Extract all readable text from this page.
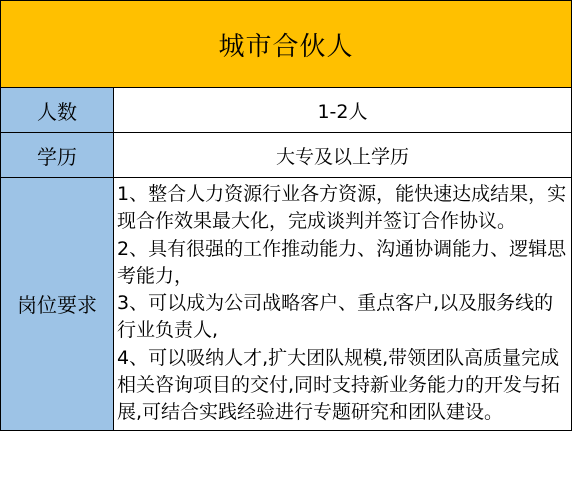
城市合伙人	
人数	1-2人
学历	大专及以上学历
岗位要求	1、整合人力资源行业各方资源，能快速达成结果，实现合作效果最大化，完成谈判并签订合作协议。
2、具有很强的工作推动能力、沟通协调能力、逻辑思考能力，
3、可以成为公司战略客户、重点客户,以及服务线的行业负责人,
4、可以吸纳人才,扩大团队规模,带领团队高质量完成相关咨询项目的交付,同时支持新业务能力的开发与拓展,可结合实践经验进行专题研究和团队建设。
